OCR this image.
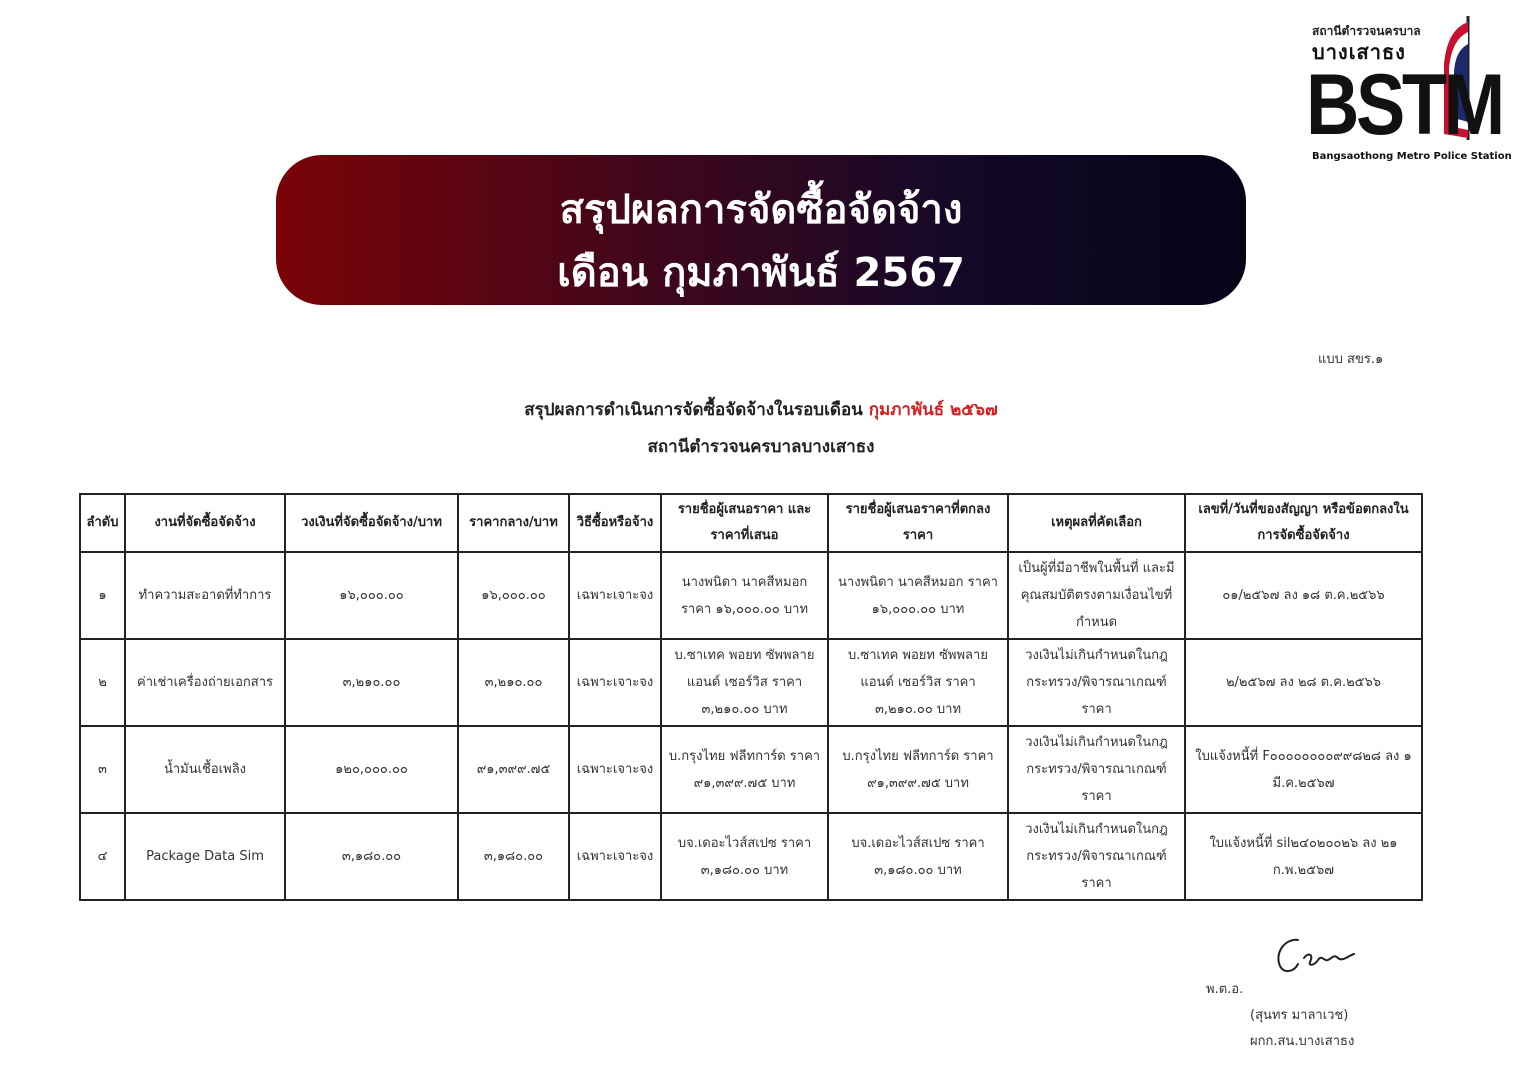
สถานีตำรวจนครบาล
บางเสาธง
BSTM
Bangsaothong Metro Police Station
สรุปผลการจัดซื้อจัดจ้าง
เดือน กุมภาพันธ์ 2567
แบบ สขร.๑
สรุปผลการดำเนินการจัดซื้อจัดจ้างในรอบเดือน กุมภาพันธ์ ๒๕๖๗
สถานีตำรวจนครบาลบางเสาธง
ลำดับ	งานที่จัดซื้อจัดจ้าง	วงเงินที่จัดซื้อจัดจ้าง/บาท	ราคากลาง/บาท	วิธีซื้อหรือจ้าง	รายชื่อผู้เสนอราคา และราคาที่เสนอ	รายชื่อผู้เสนอราคาที่ตกลงราคา	เหตุผลที่คัดเลือก	เลขที่/วันที่ของสัญญา หรือข้อตกลงในการจัดซื้อจัดจ้าง
๑	ทำความสะอาดที่ทำการ	๑๖,๐๐๐.๐๐	๑๖,๐๐๐.๐๐	เฉพาะเจาะจง	นางพนิดา นาคสีหมอก ราคา ๑๖,๐๐๐.๐๐ บาท	นางพนิดา นาคสีหมอก ราคา ๑๖,๐๐๐.๐๐ บาท	เป็นผู้ที่มีอาชีพในพื้นที่ และมีคุณสมบัติตรงตามเงื่อนไขที่กำหนด	๐๑/๒๕๖๗ ลง ๑๘ ต.ค.๒๕๖๖
๒	ค่าเช่าเครื่องถ่ายเอกสาร	๓,๒๑๐.๐๐	๓,๒๑๐.๐๐	เฉพาะเจาะจง	บ.ซาเทค พอยท ซัพพลายแอนด์ เซอร์วิส ราคา ๓,๒๑๐.๐๐ บาท	บ.ซาเทค พอยท ซัพพลายแอนด์ เซอร์วิส ราคา ๓,๒๑๐.๐๐ บาท	วงเงินไม่เกินกำหนดในกฎกระทรวง/พิจารณาเกณฑ์ราคา	๒/๒๕๖๗ ลง ๒๘ ต.ค.๒๕๖๖
๓	น้ำมันเชื้อเพลิง	๑๒๐,๐๐๐.๐๐	๙๑,๓๙๙.๗๕	เฉพาะเจาะจง	บ.กรุงไทย ฟลีทการ์ด ราคา ๙๑,๓๙๙.๗๕ บาท	บ.กรุงไทย ฟลีทการ์ด ราคา ๙๑,๓๙๙.๗๕ บาท	วงเงินไม่เกินกำหนดในกฎกระทรวง/พิจารณาเกณฑ์ราคา	ใบแจ้งหนี้ที่ F๐๐๐๐๐๐๐๐๙๙๘๒๘ ลง ๑ มี.ค.๒๕๖๗
๔	Package Data Sim	๓,๑๘๐.๐๐	๓,๑๘๐.๐๐	เฉพาะเจาะจง	บจ.เดอะไวส์สเปซ ราคา ๓,๑๘๐.๐๐ บาท	บจ.เดอะไวส์สเปซ ราคา ๓,๑๘๐.๐๐ บาท	วงเงินไม่เกินกำหนดในกฎกระทรวง/พิจารณาเกณฑ์ราคา	ใบแจ้งหนี้ที่ sil๒๔๐๒๐๐๒๖ ลง ๒๑ ก.พ.๒๕๖๗
พ.ต.อ.
(สุนทร มาลาเวช)
ผกก.สน.บางเสาธง
